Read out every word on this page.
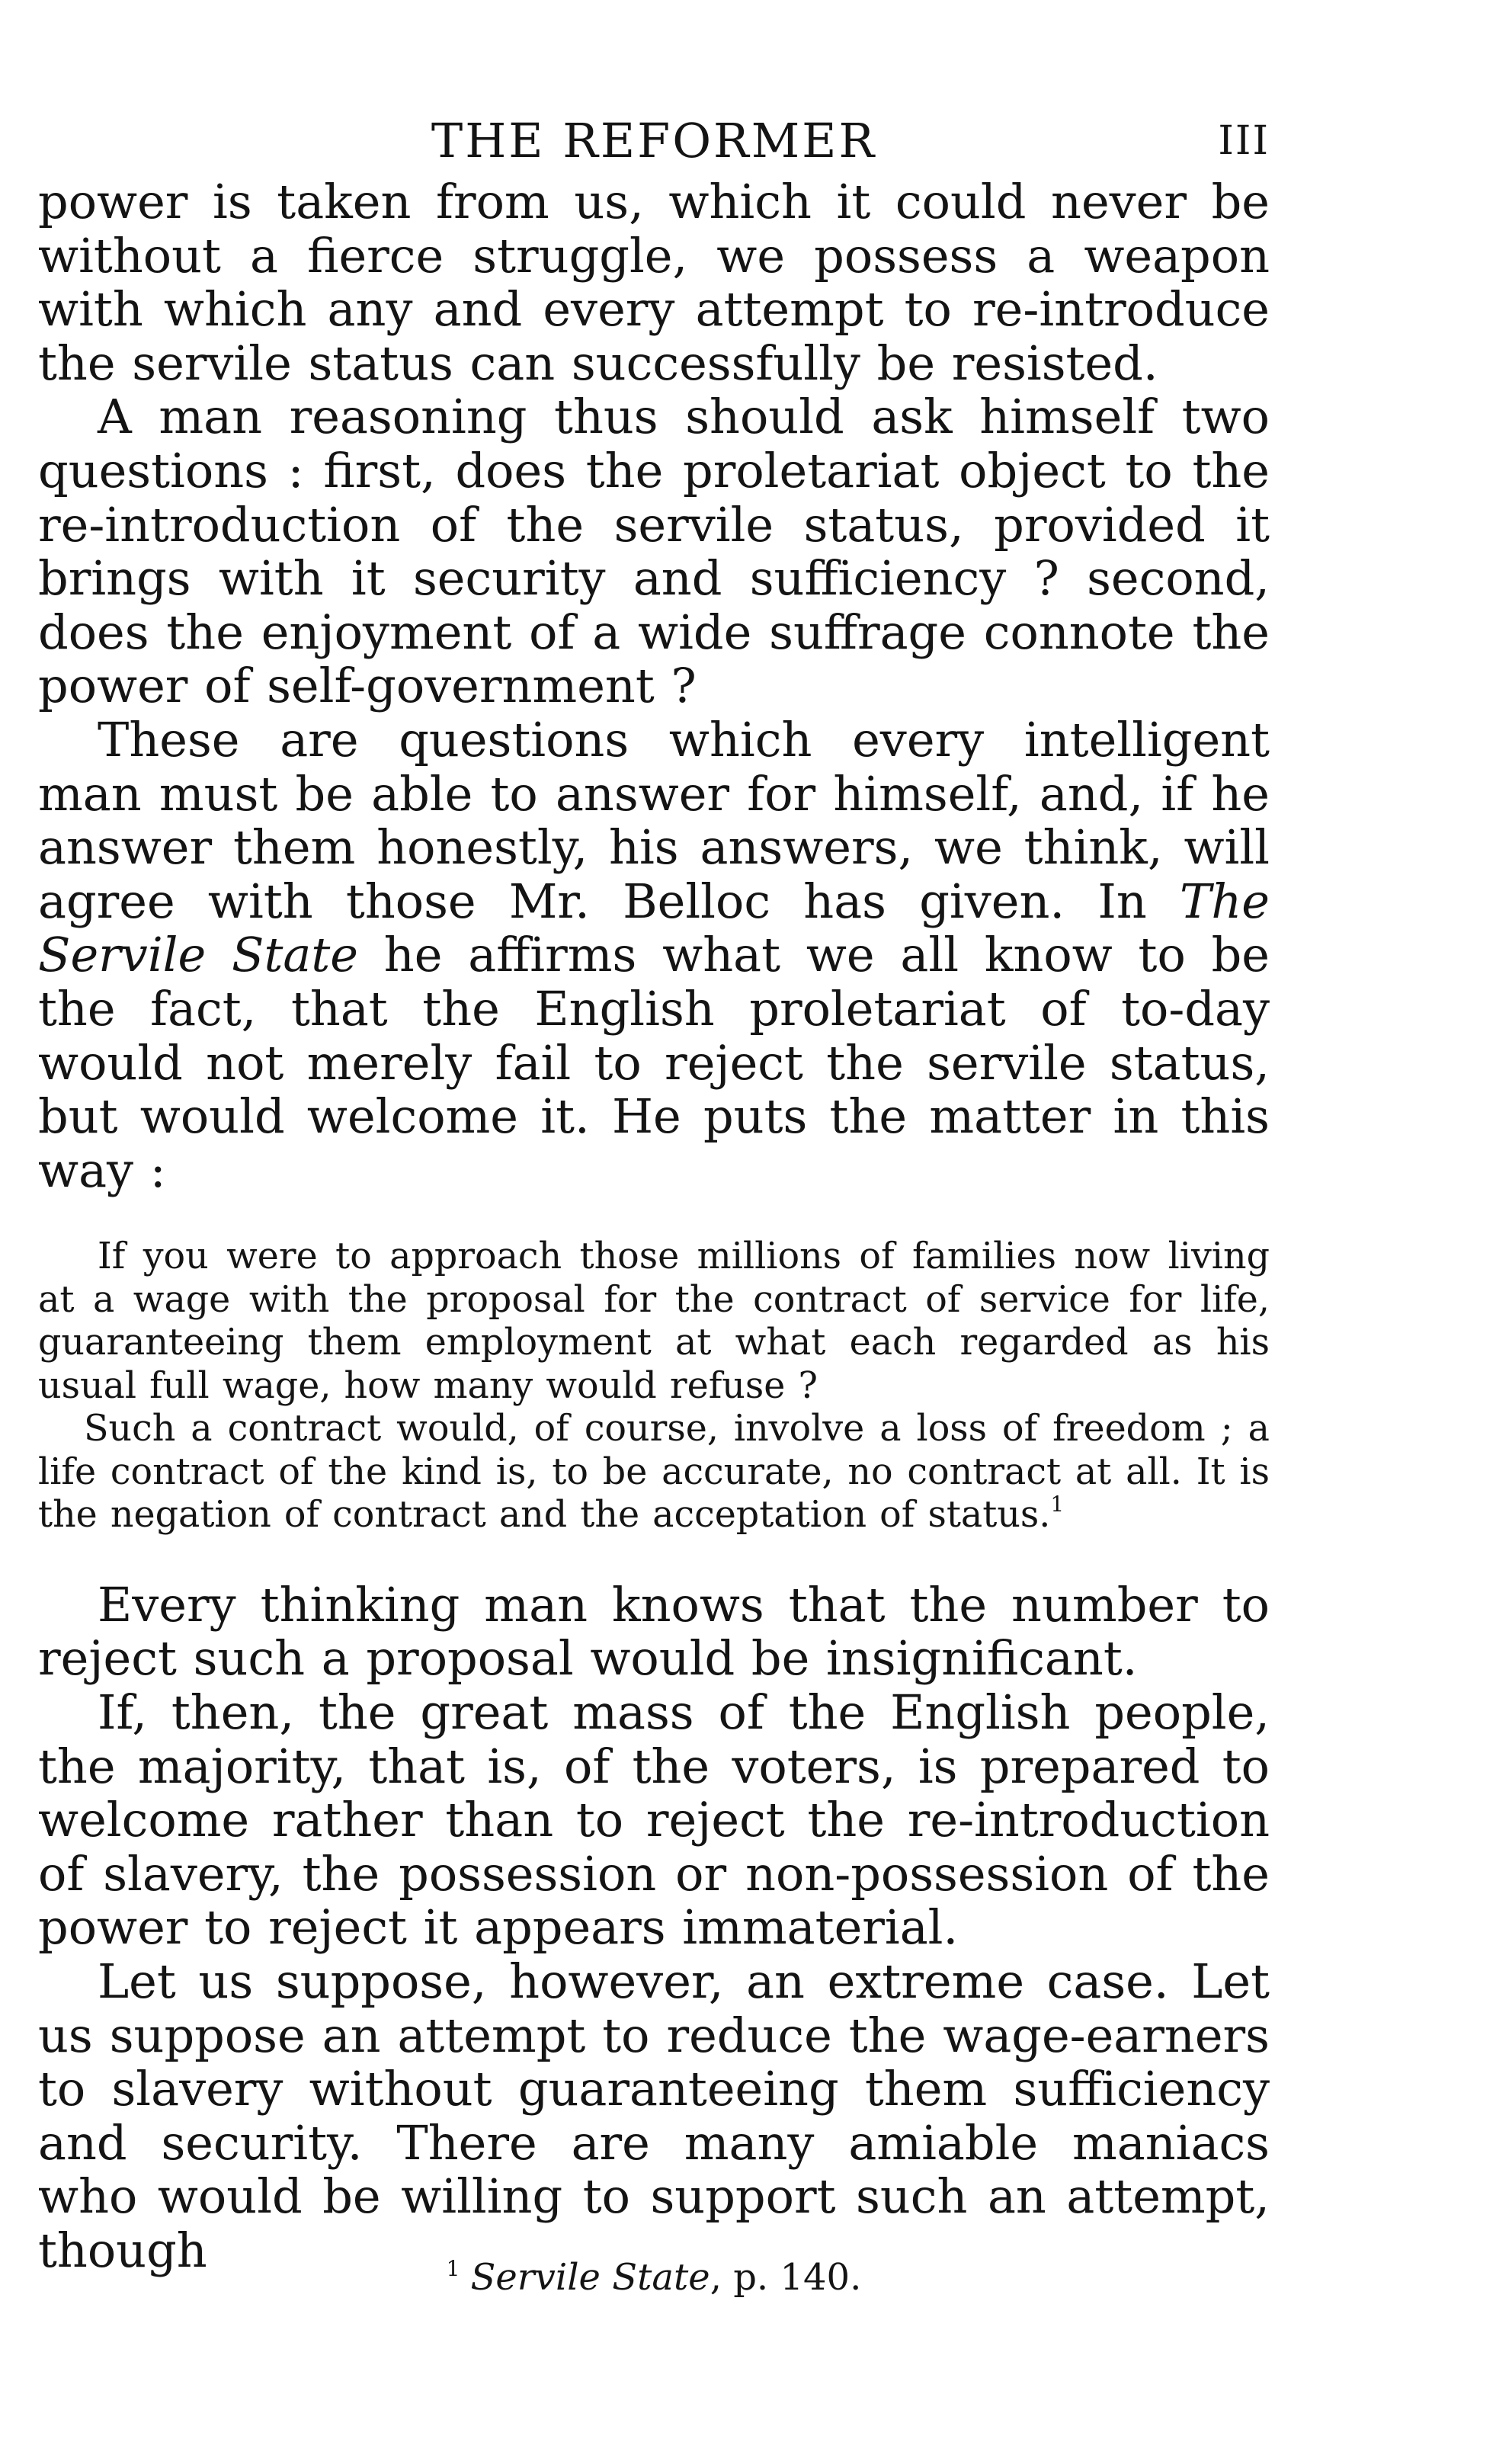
THE REFORMER	III

power is taken from us, which it could never be without a fierce struggle, we possess a weapon with which any and every attempt to re-introduce the servile status can successfully be resisted.

A man reasoning thus should ask himself two questions : first, does the proletariat object to the re-introduction of the servile status, provided it brings with it security and sufficiency ? second, does the enjoyment of a wide suffrage connote the power of self-government ?

These are questions which every intelligent man must be able to answer for himself, and, if he answer them honestly, his answers, we think, will agree with those Mr. Belloc has given. In The Servile State he affirms what we all know to be the fact, that the English proletariat of to-day would not merely fail to reject the servile status, but would welcome it. He puts the matter in this way :

If you were to approach those millions of families now living at a wage with the proposal for the contract of service for life, guaranteeing them employment at what each regarded as his usual full wage, how many would refuse ?

Such a contract would, of course, involve a loss of freedom ; a life contract of the kind is, to be accurate, no contract at all. It is the negation of contract and the acceptation of status.$^1$

Every thinking man knows that the number to reject such a proposal would be insignificant.

If, then, the great mass of the English people, the majority, that is, of the voters, is prepared to welcome rather than to reject the re-introduction of slavery, the possession or non-possession of the power to reject it appears immaterial.

Let us suppose, however, an extreme case. Let us suppose an attempt to reduce the wage-earners to slavery without guaranteeing them sufficiency and security. There are many amiable maniacs who would be willing to support such an attempt, though	$^1$ Servile State, p. 140.
